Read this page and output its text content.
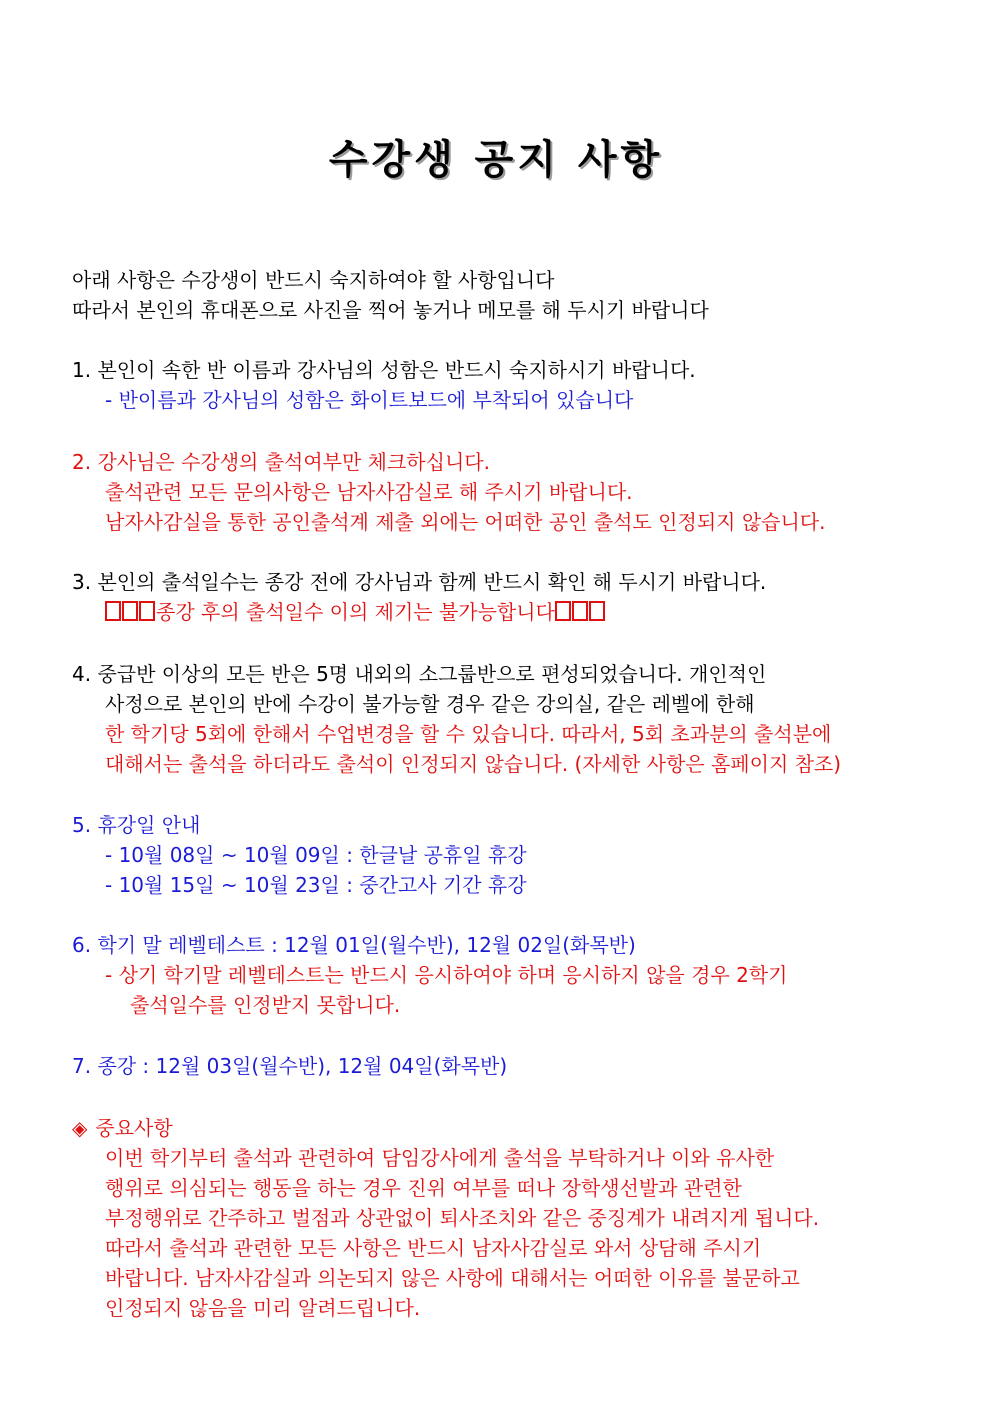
수강생 공지 사항
아래 사항은 수강생이 반드시 숙지하여야 할 사항입니다
따라서 본인의 휴대폰으로 사진을 찍어 놓거나 메모를 해 두시기 바랍니다
1. 본인이 속한 반 이름과 강사님의 성함은 반드시 숙지하시기 바랍니다.
- 반이름과 강사님의 성함은 화이트보드에 부착되어 있습니다
2. 강사님은 수강생의 출석여부만 체크하십니다.
출석관련 모든 문의사항은 남자사감실로 해 주시기 바랍니다.
남자사감실을 통한 공인출석계 제출 외에는 어떠한 공인 출석도 인정되지 않습니다.
3. 본인의 출석일수는 종강 전에 강사님과 함께 반드시 확인 해 두시기 바랍니다.
종강 후의 출석일수 이의 제기는 불가능합니다
4. 중급반 이상의 모든 반은 5명 내외의 소그룹반으로 편성되었습니다. 개인적인
사정으로 본인의 반에 수강이 불가능할 경우 같은 강의실, 같은 레벨에 한해
한 학기당 5회에 한해서 수업변경을 할 수 있습니다. 따라서, 5회 초과분의 출석분에
대해서는 출석을 하더라도 출석이 인정되지 않습니다. (자세한 사항은 홈페이지 참조)
5. 휴강일 안내
- 10월 08일 ~ 10월 09일 : 한글날 공휴일 휴강
- 10월 15일 ~ 10월 23일 : 중간고사 기간 휴강
6. 학기 말 레벨테스트 : 12월 01일(월수반), 12월 02일(화목반)
- 상기 학기말 레벨테스트는 반드시 응시하여야 하며 응시하지 않을 경우 2학기
출석일수를 인정받지 못합니다.
7. 종강 : 12월 03일(월수반), 12월 04일(화목반)
◈ 중요사항
이번 학기부터 출석과 관련하여 담임강사에게 출석을 부탁하거나 이와 유사한
행위로 의심되는 행동을 하는 경우 진위 여부를 떠나 장학생선발과 관련한
부정행위로 간주하고 벌점과 상관없이 퇴사조치와 같은 중징계가 내려지게 됩니다.
따라서 출석과 관련한 모든 사항은 반드시 남자사감실로 와서 상담해 주시기
바랍니다. 남자사감실과 의논되지 않은 사항에 대해서는 어떠한 이유를 불문하고
인정되지 않음을 미리 알려드립니다.
